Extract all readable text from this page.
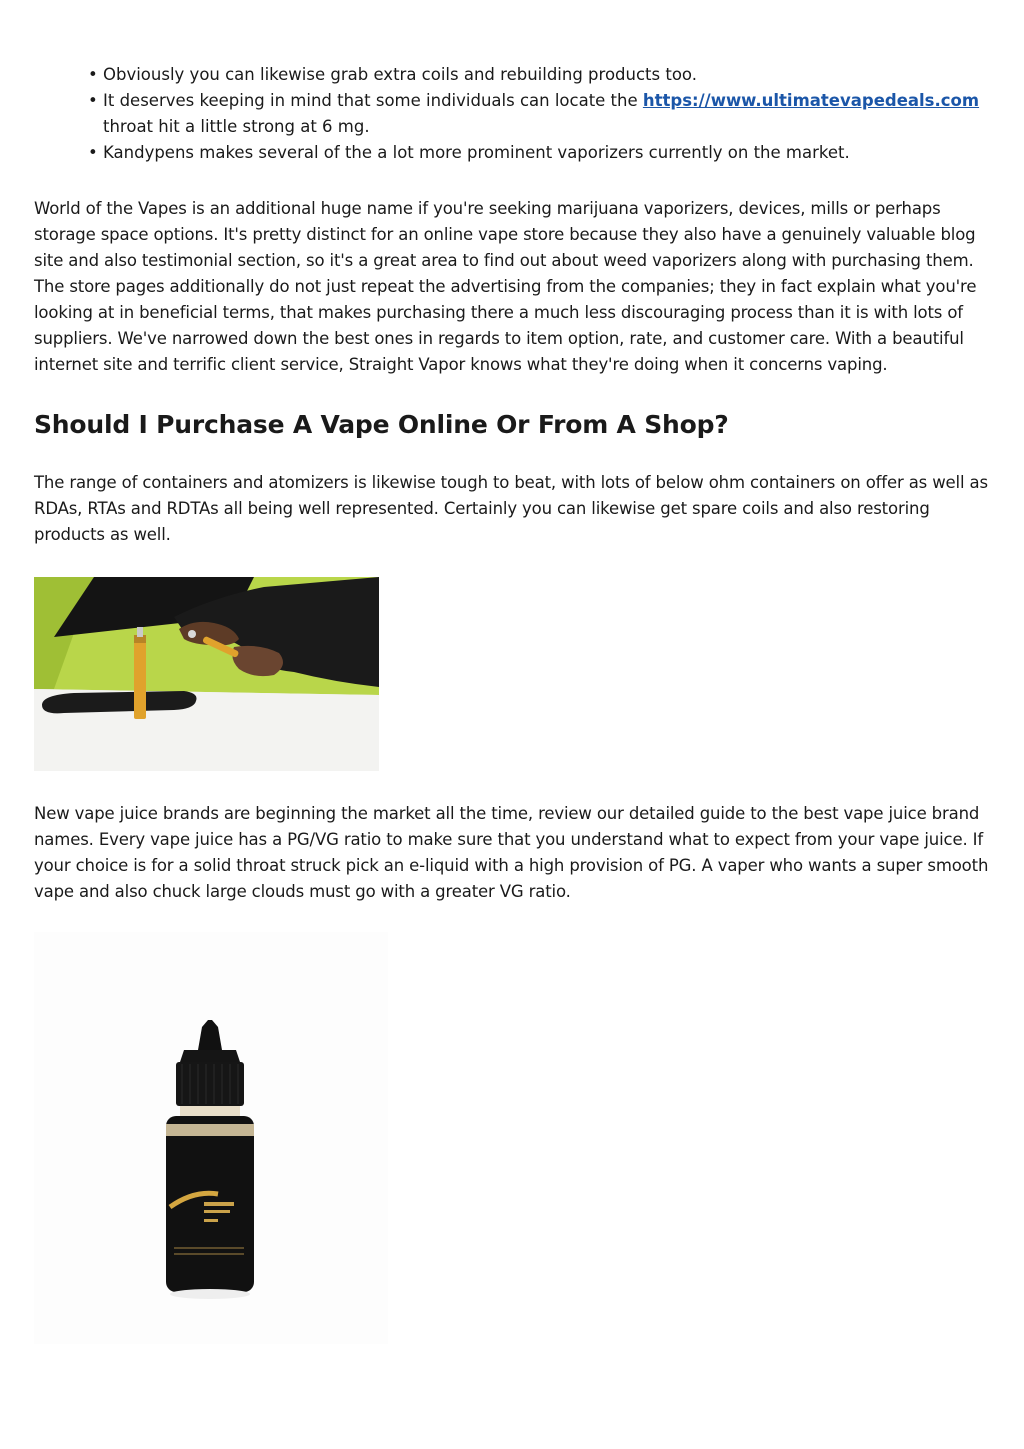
• Obviously you can likewise grab extra coils and rebuilding products too.
• It deserves keeping in mind that some individuals can locate the https://www.ultimatevapedeals.com throat hit a little strong at 6 mg.
• Kandypens makes several of the a lot more prominent vaporizers currently on the market.

World of the Vapes is an additional huge name if you're seeking marijuana vaporizers, devices, mills or perhaps storage space options. It's pretty distinct for an online vape store because they also have a genuinely valuable blog site and also testimonial section, so it's a great area to find out about weed vaporizers along with purchasing them. The store pages additionally do not just repeat the advertising from the companies; they in fact explain what you're looking at in beneficial terms, that makes purchasing there a much less discouraging process than it is with lots of suppliers. We've narrowed down the best ones in regards to item option, rate, and customer care. With a beautiful internet site and terrific client service, Straight Vapor knows what they're doing when it concerns vaping.

Should I Purchase A Vape Online Or From A Shop?

The range of containers and atomizers is likewise tough to beat, with lots of below ohm containers on offer as well as RDAs, RTAs and RDTAs all being well represented. Certainly you can likewise get spare coils and also restoring products as well.

New vape juice brands are beginning the market all the time, review our detailed guide to the best vape juice brand names. Every vape juice has a PG/VG ratio to make sure that you understand what to expect from your vape juice. If your choice is for a solid throat struck pick an e-liquid with a high provision of PG. A vaper who wants a super smooth vape and also chuck large clouds must go with a greater VG ratio.
